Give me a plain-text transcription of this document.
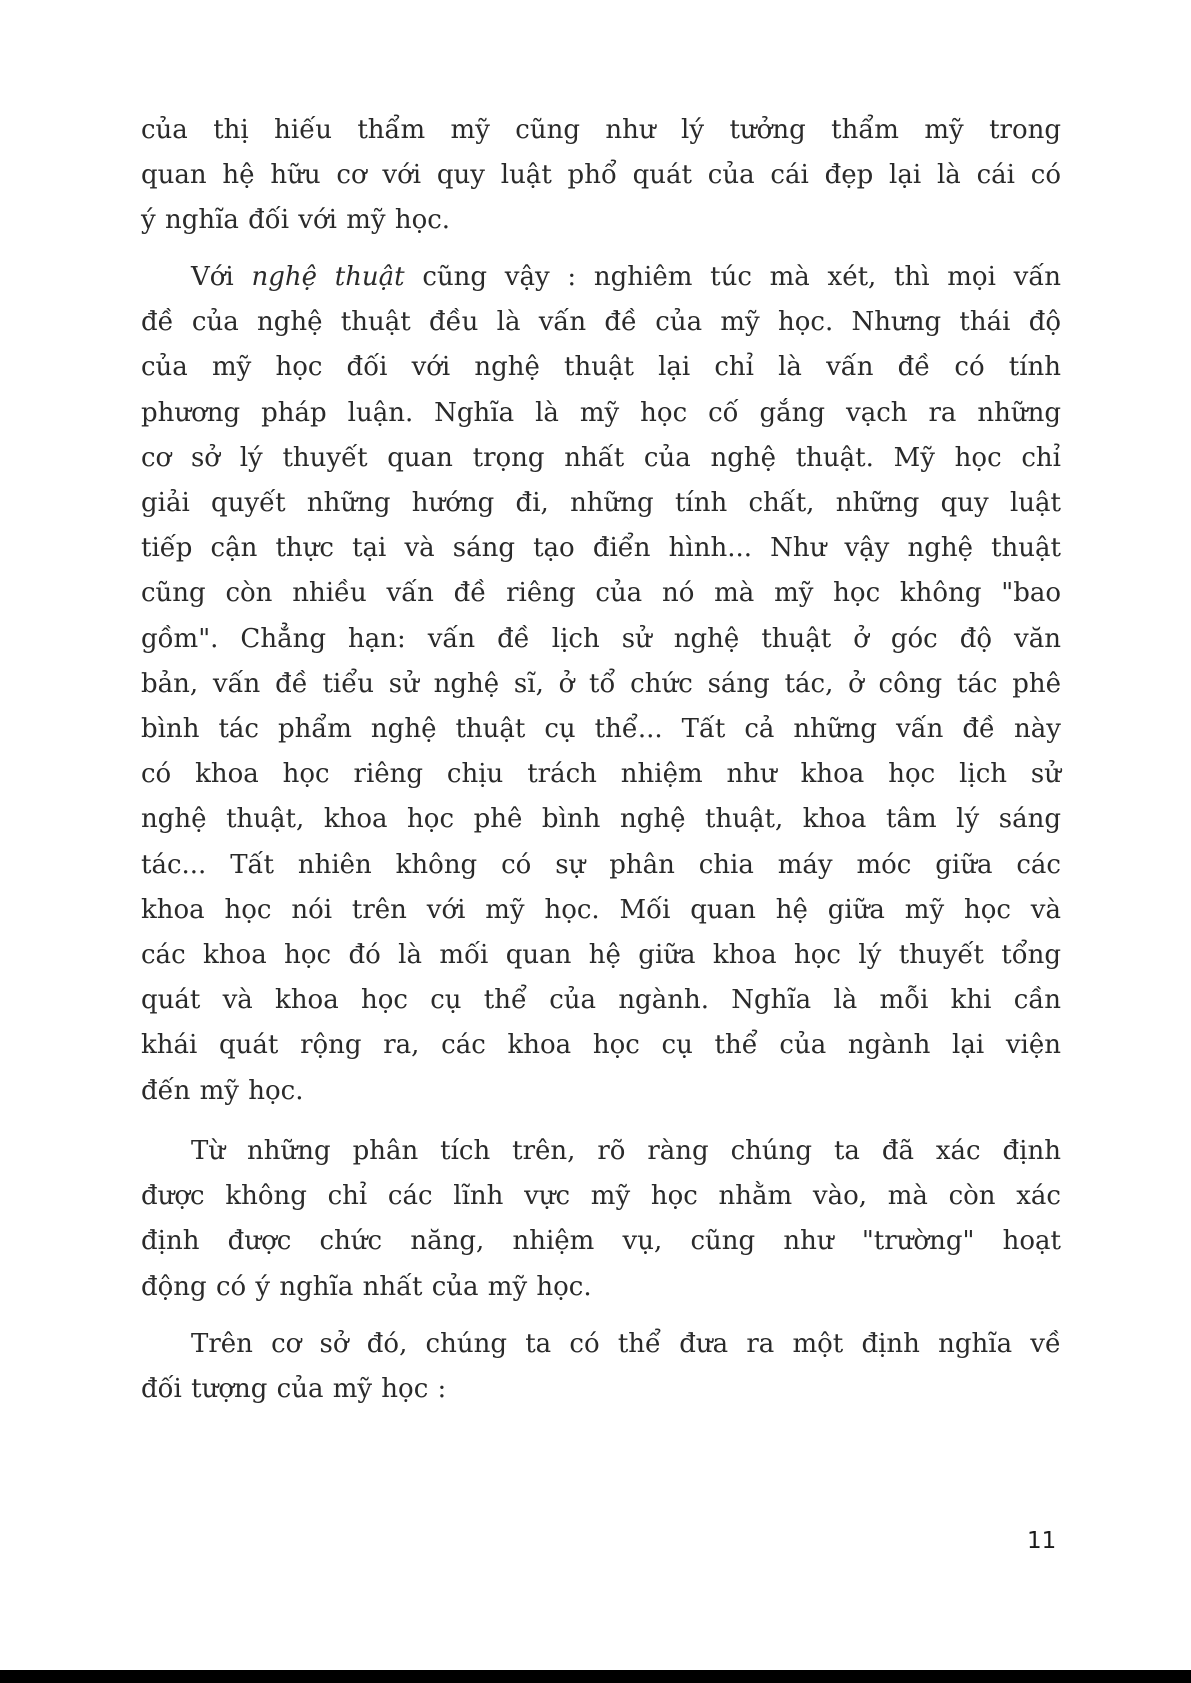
của thị hiếu thẩm mỹ cũng như lý tưởng thẩm mỹ trong
quan hệ hữu cơ với quy luật phổ quát của cái đẹp lại là cái có
ý nghĩa đối với mỹ học.
Với nghệ thuật cũng vậy : nghiêm túc mà xét, thì mọi vấn
đề của nghệ thuật đều là vấn đề của mỹ học. Nhưng thái độ
của mỹ học đối với nghệ thuật lại chỉ là vấn đề có tính
phương pháp luận. Nghĩa là mỹ học cố gắng vạch ra những
cơ sở lý thuyết quan trọng nhất của nghệ thuật. Mỹ học chỉ
giải quyết những hướng đi, những tính chất, những quy luật
tiếp cận thực tại và sáng tạo điển hình... Như vậy nghệ thuật
cũng còn nhiều vấn đề riêng của nó mà mỹ học không "bao
gồm". Chẳng hạn: vấn đề lịch sử nghệ thuật ở góc độ văn
bản, vấn đề tiểu sử nghệ sĩ, ở tổ chức sáng tác, ở công tác phê
bình tác phẩm nghệ thuật cụ thể... Tất cả những vấn đề này
có khoa học riêng chịu trách nhiệm như khoa học lịch sử
nghệ thuật, khoa học phê bình nghệ thuật, khoa tâm lý sáng
tác... Tất nhiên không có sự phân chia máy móc giữa các
khoa học nói trên với mỹ học. Mối quan hệ giữa mỹ học và
các khoa học đó là mối quan hệ giữa khoa học lý thuyết tổng
quát và khoa học cụ thể của ngành. Nghĩa là mỗi khi cần
khái quát rộng ra, các khoa học cụ thể của ngành lại viện
đến mỹ học.
Từ những phân tích trên, rõ ràng chúng ta đã xác định
được không chỉ các lĩnh vực mỹ học nhằm vào, mà còn xác
định được chức năng, nhiệm vụ, cũng như "trường" hoạt
động có ý nghĩa nhất của mỹ học.
Trên cơ sở đó, chúng ta có thể đưa ra một định nghĩa về
đối tượng của mỹ học :
11
